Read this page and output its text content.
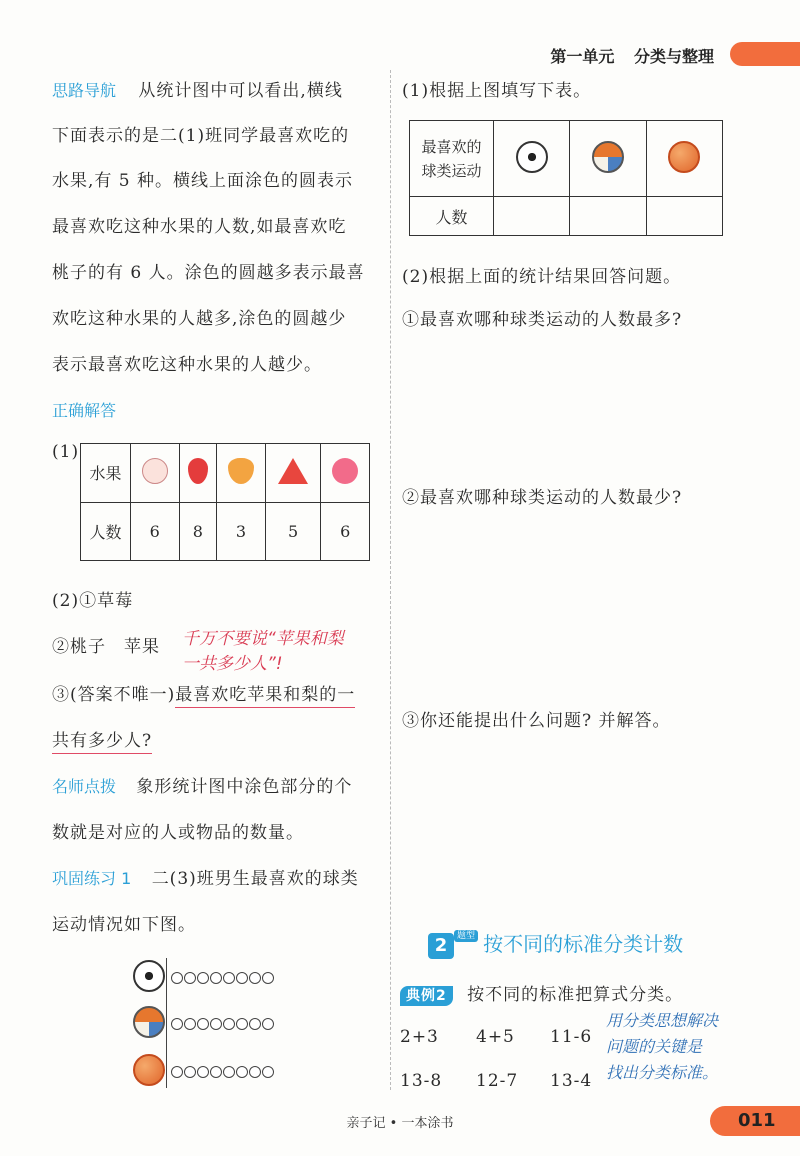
第一单元 分类与整理
思路导航 从统计图中可以看出,横线
下面表示的是二(1)班同学最喜欢吃的
水果,有 5 种。横线上面涂色的圆表示
最喜欢吃这种水果的人数,如最喜欢吃
桃子的有 6 人。涂色的圆越多表示最喜
欢吃这种水果的人越多,涂色的圆越少
表示最喜欢吃这种水果的人越少。
正确解答
(1)
水果					
人数	6	8	3	5	6
(2)①草莓
②桃子　苹果 千万不要说“苹果和梨
一共多少人”!
③(答案不唯一)最喜欢吃苹果和梨的一
共有多少人?
名师点拨 象形统计图中涂色部分的个
数就是对应的人或物品的数量。
巩固练习 1 二(3)班男生最喜欢的球类
运动情况如下图。
(1)根据上图填写下表。
最喜欢的
球类运动			

人数			
(2)根据上面的统计结果回答问题。
①最喜欢哪种球类运动的人数最多?
②最喜欢哪种球类运动的人数最少?
③你还能提出什么问题? 并解答。
2 $^{题型}$ 按不同的标准分类计数
典例2 按不同的标准把算式分类。
2+3 4+5 11-6
13-8 12-7 13-4
用分类思想解决
问题的关键是
找出分类标准。
亲子记 • 一本涂书	011
